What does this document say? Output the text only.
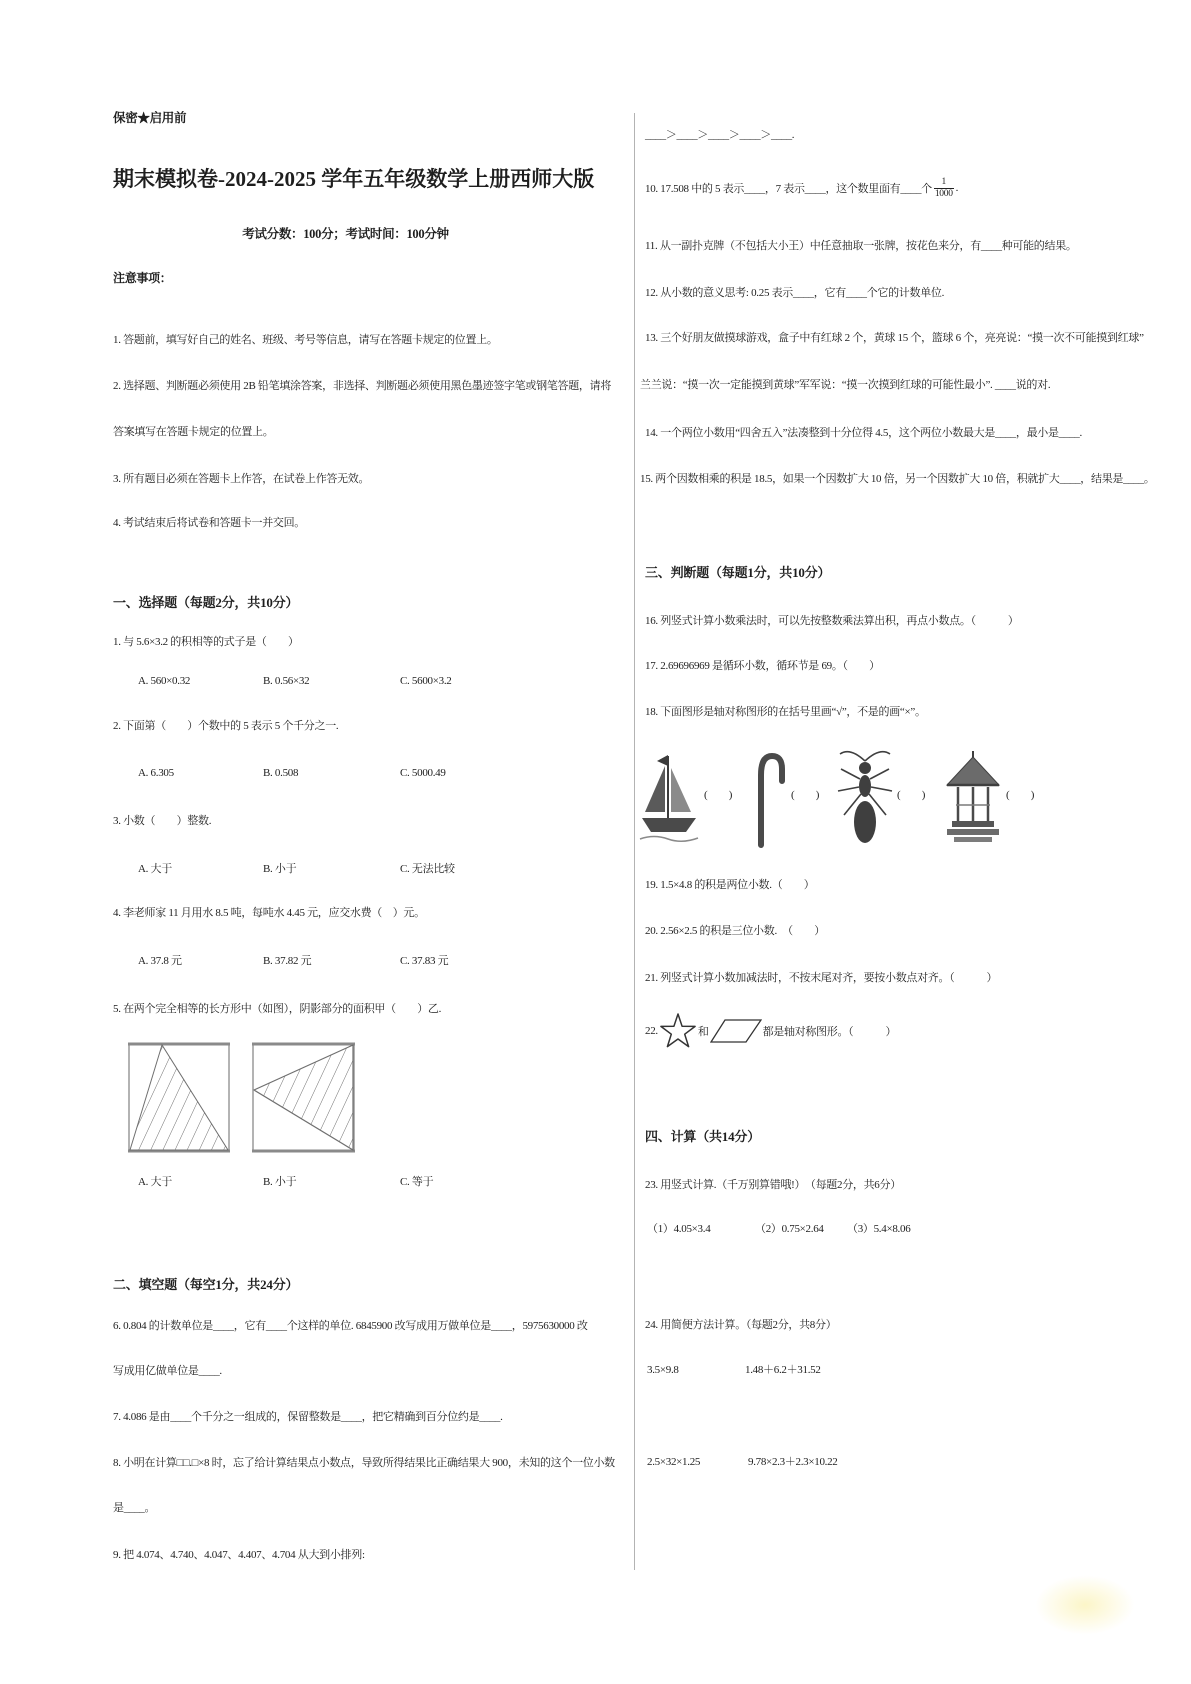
保密★启用前
期末模拟卷-2024-2025 学年五年级数学上册西师大版
考试分数：100分；考试时间：100分钟
注意事项：
1. 答题前，填写好自己的姓名、班级、考号等信息，请写在答题卡规定的位置上。
2. 选择题、判断题必须使用 2B 铅笔填涂答案，非选择、判断题必须使用黑色墨迹签字笔或钢笔答题，请将
答案填写在答题卡规定的位置上。
3. 所有题目必须在答题卡上作答，在试卷上作答无效。
4. 考试结束后将试卷和答题卡一并交回。
一、选择题（每题2分，共10分）
1. 与 5.6×3.2 的积相等的式子是（　　）
A. 560×0.32	B. 0.56×32	C. 5600×3.2
2. 下面第（　　）个数中的 5 表示 5 个千分之一.
A. 6.305	B. 0.508	C. 5000.49
3. 小数（　　）整数.
A. 大于	B. 小于	C. 无法比较
4. 李老师家 11 月用水 8.5 吨，每吨水 4.45 元，应交水费（　）元。
A. 37.8 元	B. 37.82 元	C. 37.83 元
5. 在两个完全相等的长方形中（如图），阴影部分的面积甲（　　）乙.
A. 大于	B. 小于	C. 等于
二、填空题（每空1分，共24分）
6. 0.804 的计数单位是____，它有____个这样的单位. 6845900 改写成用万做单位是____，5975630000 改
写成用亿做单位是____.
7. 4.086 是由____个千分之一组成的，保留整数是____，把它精确到百分位约是____.
8. 小明在计算□□.□×8 时，忘了给计算结果点小数点，导致所得结果比正确结果大 900，未知的这个一位小数
是____。
9. 把 4.074、4.740、4.047、4.407、4.704 从大到小排列:
____＞____＞____＞____＞____.
10. 17.508 中的 5 表示____，7 表示____，这个数里面有____个 $\frac{1}{1000}$ .
11. 从一副扑克牌（不包括大小王）中任意抽取一张牌，按花色来分，有____种可能的结果。
12. 从小数的意义思考: 0.25 表示____，它有____个它的计数单位.
13. 三个好朋友做摸球游戏，盒子中有红球 2 个，黄球 15 个，篮球 6 个，亮亮说：“摸一次不可能摸到红球”
兰兰说：“摸一次一定能摸到黄球”军军说：“摸一次摸到红球的可能性最小”. ____说的对.
14. 一个两位小数用“四舍五入”法凑整到十分位得 4.5，这个两位小数最大是____，最小是____.
15. 两个因数相乘的积是 18.5，如果一个因数扩大 10 倍，另一个因数扩大 10 倍，积就扩大____，结果是____。
三、判断题（每题1分，共10分）
16. 列竖式计算小数乘法时，可以先按整数乘法算出积，再点小数点。（　　　）
17. 2.69696969 是循环小数，循环节是 69。（　　）
18. 下面图形是轴对称图形的在括号里画“√”，不是的画“×”。
(　　)	(　　)	(　　)	(　　)
19. 1.5×4.8 的积是两位小数.（　　）
20. 2.56×2.5 的积是三位小数.　（　　）
21. 列竖式计算小数加减法时，不按末尾对齐，要按小数点对齐。（　　　）
22.	和	都是轴对称图形。（　　　）
四、计算（共14分）
23. 用竖式计算.（千万别算错哦!）　（每题2分，共6分）
（1）4.05×3.4	（2）0.75×2.64 （3）5.4×8.06
24. 用简便方法计算。（每题2分，共8分）
3.5×9.8	1.48＋6.2＋31.52
2.5×32×1.25	9.78×2.3＋2.3×10.22
